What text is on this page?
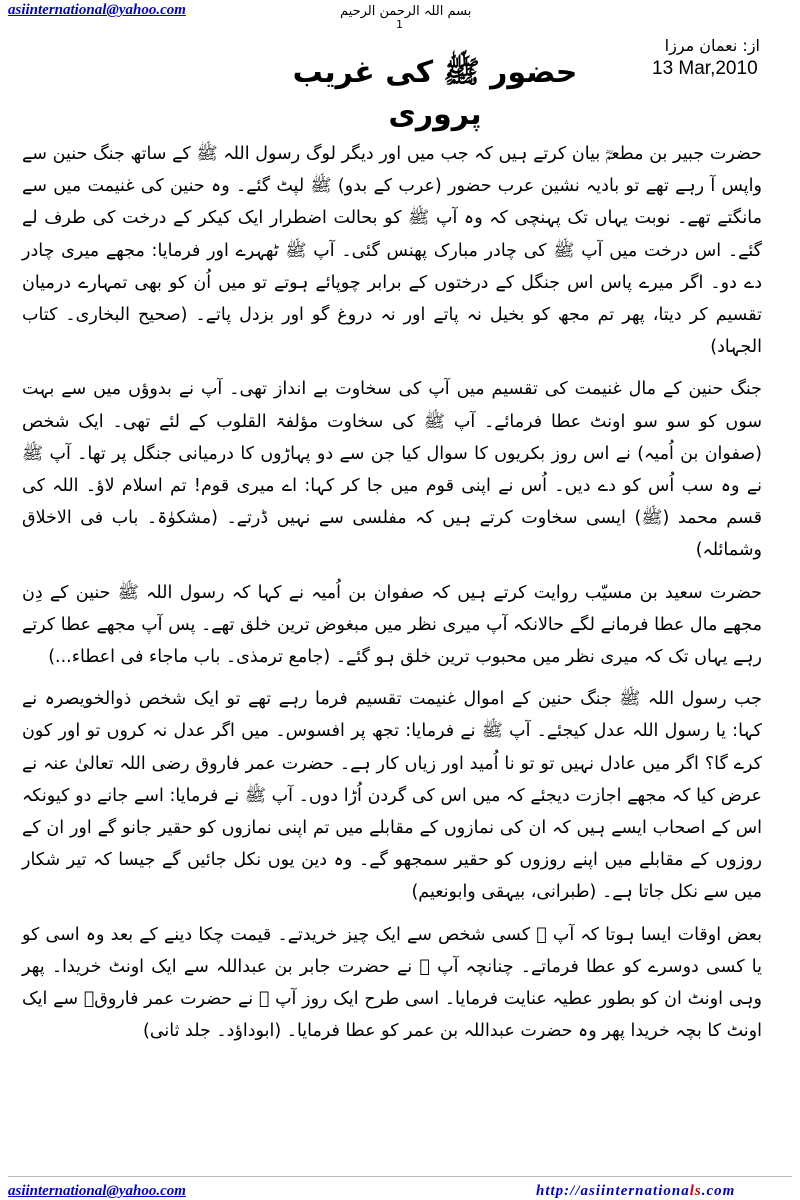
asiinternational@yahoo.com	بسم اللہ الرحمن الرحیم
1
از: نعمان مرزا
13 Mar,2010
حضور ﷺ کی غریب پروری

حضرت جبیر بن مطعمؓ بیان کرتے ہیں کہ جب میں اور دیگر لوگ رسول اللہ ﷺ کے ساتھ جنگ حنین سے واپس آ رہے تھے تو بادیہ نشین عرب حضور (عرب کے بدو) ﷺ لپٹ گئے۔ وہ حنین کی غنیمت میں سے مانگتے تھے۔ نوبت یہاں تک پہنچی کہ وہ آپ ﷺ کو بحالت اضطرار ایک کیکر کے درخت کی طرف لے گئے۔ اس درخت میں آپ ﷺ کی چادر مبارک پھنس گئی۔ آپ ﷺ ٹھہرے اور فرمایا: مجھے میری چادر دے دو۔ اگر میرے پاس اس جنگل کے درختوں کے برابر چوپائے ہوتے تو میں اُن کو بھی تمہارے درمیان تقسیم کر دیتا، پھر تم مجھ کو بخیل نہ پاتے اور نہ دروغ گو اور بزدل پاتے۔ (صحیح البخاری۔ کتاب الجہاد)

جنگ حنین کے مال غنیمت کی تقسیم میں آپ کی سخاوت بے انداز تھی۔ آپ نے بدوؤں میں سے بہت سوں کو سو سو اونٹ عطا فرمائے۔ آپ ﷺ کی سخاوت مؤلفۃ القلوب کے لئے تھی۔ ایک شخص (صفوان بن اُمیہ) نے اس روز بکریوں کا سوال کیا جن سے دو پہاڑوں کا درمیانی جنگل پر تھا۔ آپ ﷺ نے وہ سب اُس کو دے دیں۔ اُس نے اپنی قوم میں جا کر کہا: اے میری قوم! تم اسلام لاؤ۔ اللہ کی قسم محمد (ﷺ) ایسی سخاوت کرتے ہیں کہ مفلسی سے نہیں ڈرتے۔ (مشکوٰۃ۔ باب فی الاخلاق وشمائلہ)

حضرت سعید بن مسیّب روایت کرتے ہیں کہ صفوان بن اُمیہ نے کہا کہ رسول اللہ ﷺ حنین کے دِن مجھے مال عطا فرمانے لگے حالانکہ آپ میری نظر میں مبغوض ترین خلق تھے۔ پس آپ مجھے عطا کرتے رہے یہاں تک کہ میری نظر میں محبوب ترین خلق ہو گئے۔ (جامع ترمذی۔ باب ماجاء فی اعطاء...)

جب رسول اللہ ﷺ جنگ حنین کے اموال غنیمت تقسیم فرما رہے تھے تو ایک شخص ذوالخویصرہ نے کہا: یا رسول اللہ عدل کیجئے۔ آپ ﷺ نے فرمایا: تجھ پر افسوس۔ میں اگر عدل نہ کروں تو اور کون کرے گا؟ اگر میں عادل نہیں تو تو نا اُمید اور زیاں کار ہے۔ حضرت عمر فاروق رضی اللہ تعالیٰ عنہ نے عرض کیا کہ مجھے اجازت دیجئے کہ میں اس کی گردن اُڑا دوں۔ آپ ﷺ نے فرمایا: اسے جانے دو کیونکہ اس کے اصحاب ایسے ہیں کہ ان کی نمازوں کے مقابلے میں تم اپنی نمازوں کو حقیر جانو گے اور ان کے روزوں کے مقابلے میں اپنے روزوں کو حقیر سمجھو گے۔ وہ دین یوں نکل جائیں گے جیسا کہ تیر شکار میں سے نکل جاتا ہے۔ (طبرانی، بیہقی وابونعیم)

بعض اوقات ایسا ہوتا کہ آپ ﷺ کسی شخص سے ایک چیز خریدتے۔ قیمت چکا دینے کے بعد وہ اسی کو یا کسی دوسرے کو عطا فرماتے۔ چنانچہ آپ ﷺ نے حضرت جابر بن عبداللہ سے ایک اونٹ خریدا۔ پھر وہی اونٹ ان کو بطور عطیہ عنایت فرمایا۔ اسی طرح ایک روز آپ ﷺ نے حضرت عمر فاروقؓ سے ایک اونٹ کا بچہ خریدا پھر وہ حضرت عبداللہ بن عمر کو عطا فرمایا۔ (ابوداؤد۔ جلد ثانی)

asiinternational@yahoo.com	http://asiinternationals.com
